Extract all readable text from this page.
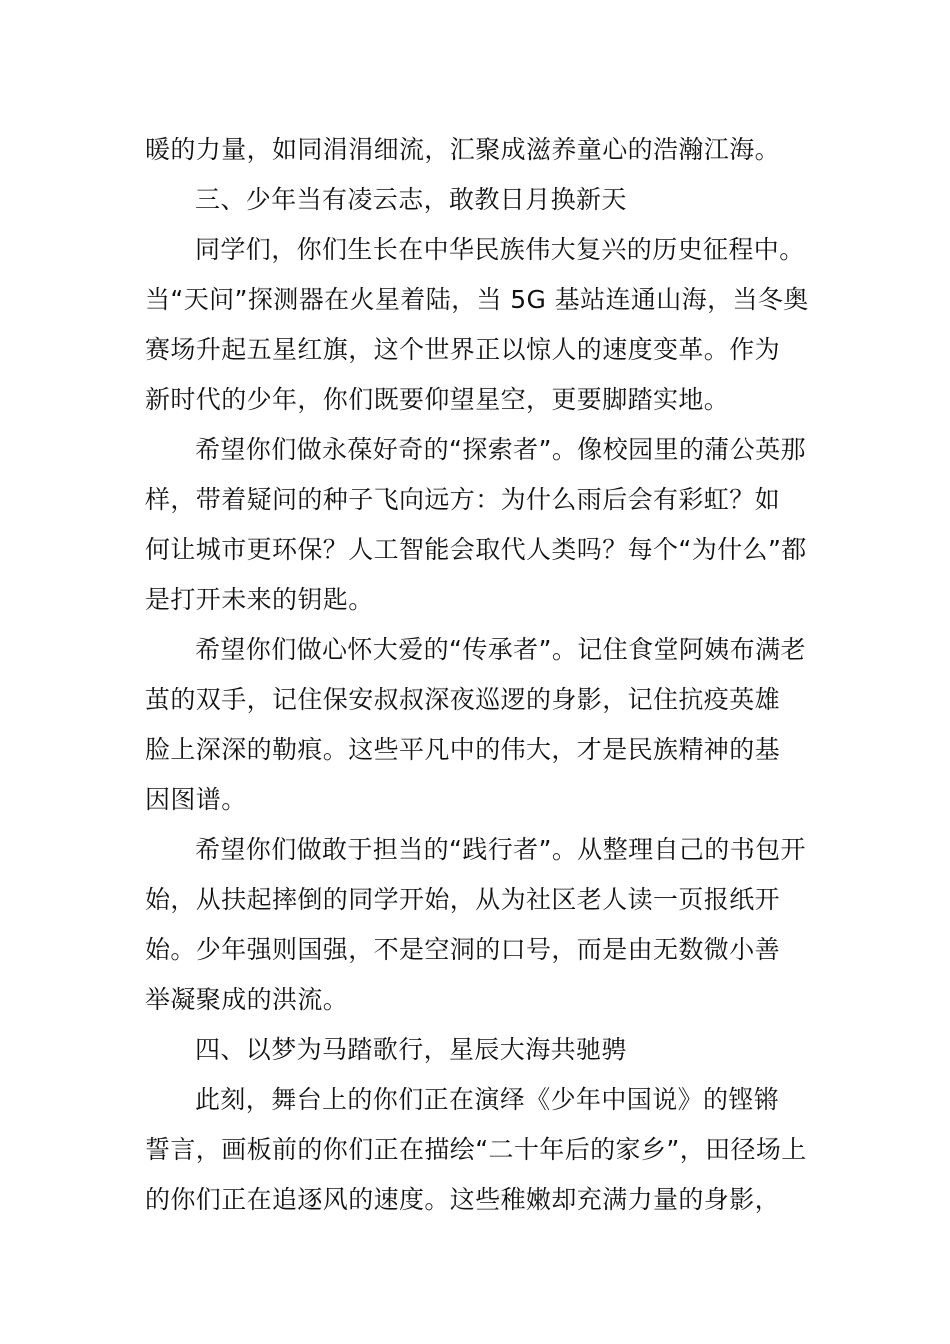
暖的力量，如同涓涓细流，汇聚成滋养童心的浩瀚江海。
三、少年当有凌云志，敢教日月换新天
同学们，你们生长在中华民族伟大复兴的历史征程中。
当“天问”探测器在火星着陆，当 5G 基站连通山海，当冬奥
赛场升起五星红旗，这个世界正以惊人的速度变革。作为
新时代的少年，你们既要仰望星空，更要脚踏实地。
希望你们做永葆好奇的“探索者”。像校园里的蒲公英那
样，带着疑问的种子飞向远方：为什么雨后会有彩虹？如
何让城市更环保？人工智能会取代人类吗？每个“为什么”都
是打开未来的钥匙。
希望你们做心怀大爱的“传承者”。记住食堂阿姨布满老
茧的双手，记住保安叔叔深夜巡逻的身影，记住抗疫英雄
脸上深深的勒痕。这些平凡中的伟大，才是民族精神的基
因图谱。
希望你们做敢于担当的“践行者”。从整理自己的书包开
始，从扶起摔倒的同学开始，从为社区老人读一页报纸开
始。少年强则国强，不是空洞的口号，而是由无数微小善
举凝聚成的洪流。
四、以梦为马踏歌行，星辰大海共驰骋
此刻，舞台上的你们正在演绎《少年中国说》的铿锵
誓言，画板前的你们正在描绘“二十年后的家乡”，田径场上
的你们正在追逐风的速度。这些稚嫩却充满力量的身影，
